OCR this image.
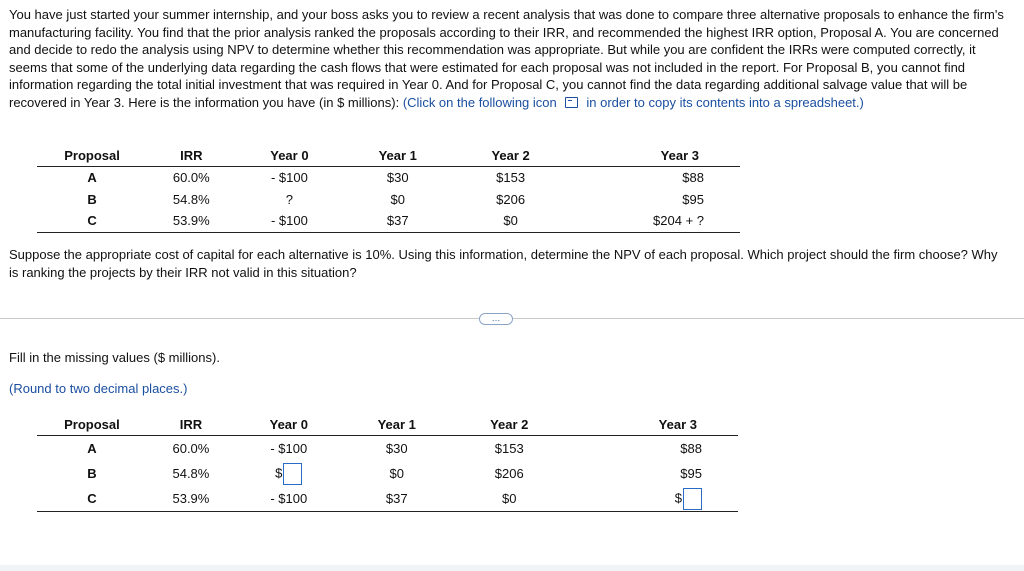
You have just started your summer internship, and your boss asks you to review a recent analysis that was done to compare three alternative proposals to enhance the firm's manufacturing facility. You find that the prior analysis ranked the proposals according to their IRR, and recommended the highest IRR option, Proposal A. You are concerned and decide to redo the analysis using NPV to determine whether this recommendation was appropriate. But while you are confident the IRRs were computed correctly, it seems that some of the underlying data regarding the cash flows that were estimated for each proposal was not included in the report. For Proposal B, you cannot find information regarding the total initial investment that was required in Year 0. And for Proposal C, you cannot find the data regarding additional salvage value that will be recovered in Year 3. Here is the information you have (in $ millions): (Click on the following icon in order to copy its contents into a spreadsheet.)
Proposal	IRR	Year 0	Year 1	Year 2	Year 3
A	60.0%	- $100	$30	$153	$88
B	54.8%	?	$0	$206	$95
C	53.9%	- $100	$37	$0	$204 + ?
Suppose the appropriate cost of capital for each alternative is 10%. Using this information, determine the NPV of each proposal. Which project should the firm choose? Why is ranking the projects by their IRR not valid in this situation?
…
Fill in the missing values ($ millions).
(Round to two decimal places.)
Proposal	IRR	Year 0	Year 1	Year 2	Year 3
A	60.0%	- $100	$30	$153	$88
B	54.8%	$	$0	$206	$95
C	53.9%	- $100	$37	$0	$
